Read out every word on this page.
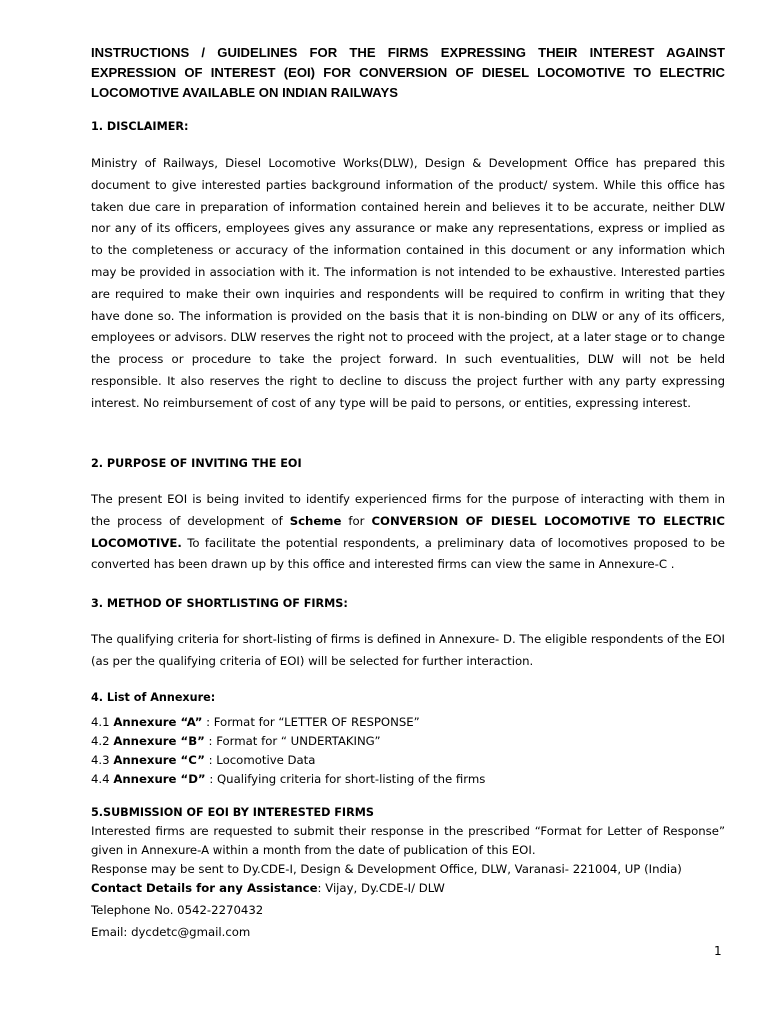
INSTRUCTIONS / GUIDELINES FOR THE FIRMS EXPRESSING THEIR INTEREST AGAINST EXPRESSION OF INTEREST (EOI) FOR CONVERSION OF DIESEL LOCOMOTIVE TO ELECTRIC LOCOMOTIVE AVAILABLE ON INDIAN RAILWAYS
1. DISCLAIMER:
Ministry of Railways, Diesel Locomotive Works(DLW), Design & Development Office has prepared this document to give interested parties background information of the product/ system. While this office has taken due care in preparation of information contained herein and believes it to be accurate, neither DLW nor any of its officers, employees gives any assurance or make any representations, express or implied as to the completeness or accuracy of the information contained in this document or any information which may be provided in association with it. The information is not intended to be exhaustive. Interested parties are required to make their own inquiries and respondents will be required to confirm in writing that they have done so. The information is provided on the basis that it is non-binding on DLW or any of its officers, employees or advisors. DLW reserves the right not to proceed with the project, at a later stage or to change the process or procedure to take the project forward. In such eventualities, DLW will not be held responsible. It also reserves the right to decline to discuss the project further with any party expressing interest. No reimbursement of cost of any type will be paid to persons, or entities, expressing interest.
2. PURPOSE OF INVITING THE EOI
The present EOI is being invited to identify experienced firms for the purpose of interacting with them in the process of development of Scheme for CONVERSION OF DIESEL LOCOMOTIVE TO ELECTRIC LOCOMOTIVE. To facilitate the potential respondents, a preliminary data of locomotives proposed to be converted has been drawn up by this office and interested firms can view the same in Annexure-C .
3. METHOD OF SHORTLISTING OF FIRMS:
The qualifying criteria for short-listing of firms is defined in Annexure- D. The eligible respondents of the EOI (as per the qualifying criteria of EOI) will be selected for further interaction.
4. List of Annexure:
4.1 Annexure “A” : Format for “LETTER OF RESPONSE”
4.2 Annexure “B” : Format for “ UNDERTAKING”
4.3 Annexure “C” : Locomotive Data
4.4 Annexure “D” : Qualifying criteria for short-listing of the firms
5.SUBMISSION OF EOI BY INTERESTED FIRMS
Interested firms are requested to submit their response in the prescribed “Format for Letter of Response” given in Annexure-A within a month from the date of publication of this EOI.
Response may be sent to Dy.CDE-I, Design & Development Office, DLW, Varanasi- 221004, UP (India)
Contact Details for any Assistance: Vijay, Dy.CDE-I/ DLW
Telephone No. 0542-2270432
Email: dycdetc@gmail.com
1
